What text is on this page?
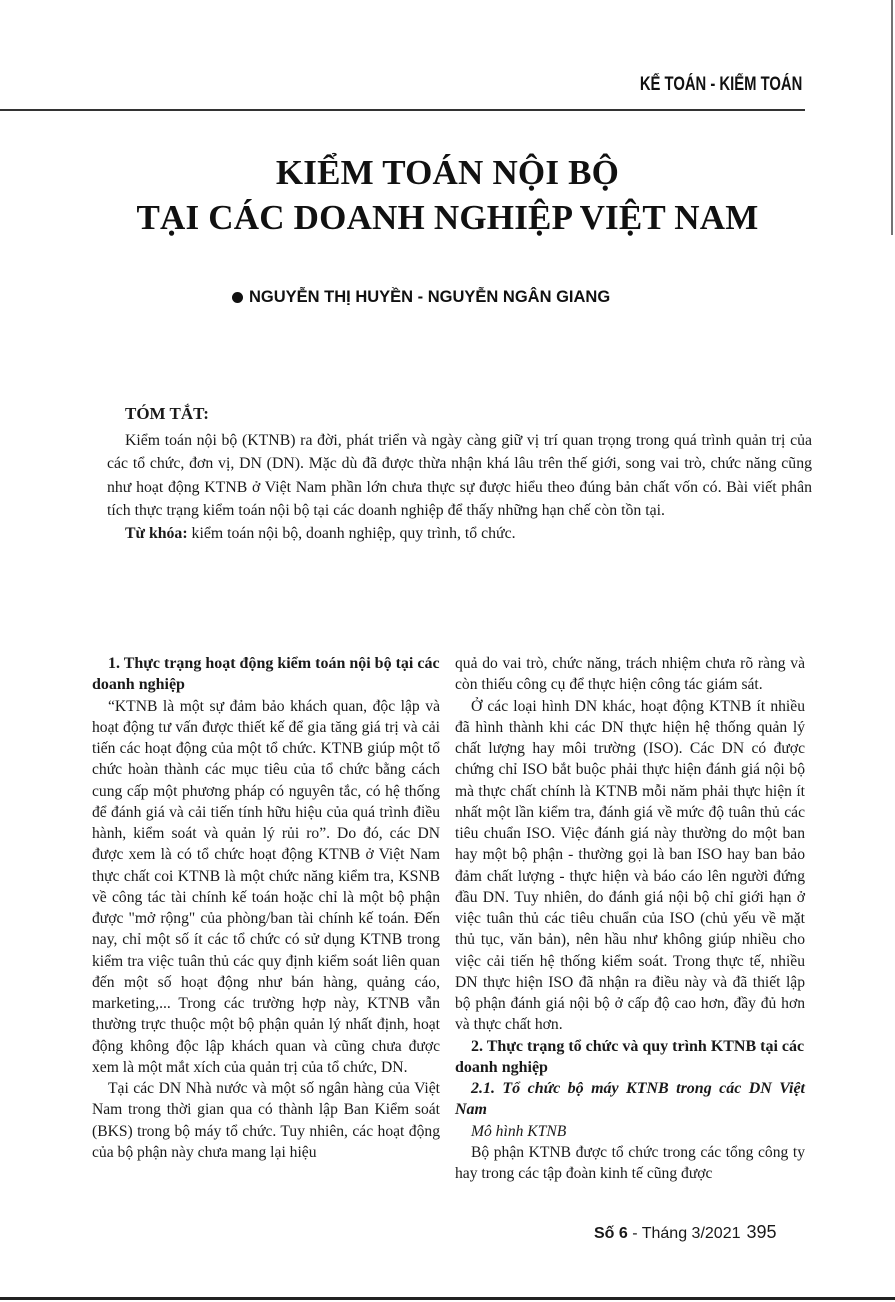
KẾ TOÁN - KIỂM TOÁN
KIỂM TOÁN NỘI BỘ
TẠI CÁC DOANH NGHIỆP VIỆT NAM
NGUYỄN THỊ HUYỀN - NGUYỄN NGÂN GIANG
TÓM TẮT:

Kiểm toán nội bộ (KTNB) ra đời, phát triển và ngày càng giữ vị trí quan trọng trong quá trình quản trị của các tổ chức, đơn vị, DN (DN). Mặc dù đã được thừa nhận khá lâu trên thế giới, song vai trò, chức năng cũng như hoạt động KTNB ở Việt Nam phần lớn chưa thực sự được hiểu theo đúng bản chất vốn có. Bài viết phân tích thực trạng kiểm toán nội bộ tại các doanh nghiệp để thấy những hạn chế còn tồn tại.

Từ khóa: kiểm toán nội bộ, doanh nghiệp, quy trình, tổ chức.

1. Thực trạng hoạt động kiểm toán nội bộ tại các doanh nghiệp

“KTNB là một sự đảm bảo khách quan, độc lập và hoạt động tư vấn được thiết kế để gia tăng giá trị và cải tiến các hoạt động của một tổ chức. KTNB giúp một tổ chức hoàn thành các mục tiêu của tổ chức bằng cách cung cấp một phương pháp có nguyên tắc, có hệ thống để đánh giá và cải tiến tính hữu hiệu của quá trình điều hành, kiểm soát và quản lý rủi ro”. Do đó, các DN được xem là có tổ chức hoạt động KTNB ở Việt Nam thực chất coi KTNB là một chức năng kiểm tra, KSNB về công tác tài chính kế toán hoặc chỉ là một bộ phận được "mở rộng" của phòng/ban tài chính kế toán. Đến nay, chỉ một số ít các tổ chức có sử dụng KTNB trong kiểm tra việc tuân thủ các quy định kiểm soát liên quan đến một số hoạt động như bán hàng, quảng cáo, marketing,... Trong các trường hợp này, KTNB vẫn thường trực thuộc một bộ phận quản lý nhất định, hoạt động không độc lập khách quan và cũng chưa được xem là một mắt xích của quản trị của tổ chức, DN.

Tại các DN Nhà nước và một số ngân hàng của Việt Nam trong thời gian qua có thành lập Ban Kiểm soát (BKS) trong bộ máy tổ chức. Tuy nhiên, các hoạt động của bộ phận này chưa mang lại hiệu

quả do vai trò, chức năng, trách nhiệm chưa rõ ràng và còn thiếu công cụ để thực hiện công tác giám sát.

Ở các loại hình DN khác, hoạt động KTNB ít nhiều đã hình thành khi các DN thực hiện hệ thống quản lý chất lượng hay môi trường (ISO). Các DN có được chứng chỉ ISO bắt buộc phải thực hiện đánh giá nội bộ mà thực chất chính là KTNB mỗi năm phải thực hiện ít nhất một lần kiểm tra, đánh giá về mức độ tuân thủ các tiêu chuẩn ISO. Việc đánh giá này thường do một ban hay một bộ phận - thường gọi là ban ISO hay ban bảo đảm chất lượng - thực hiện và báo cáo lên người đứng đầu DN. Tuy nhiên, do đánh giá nội bộ chỉ giới hạn ở việc tuân thủ các tiêu chuẩn của ISO (chủ yếu về mặt thủ tục, văn bản), nên hầu như không giúp nhiều cho việc cải tiến hệ thống kiểm soát. Trong thực tế, nhiều DN thực hiện ISO đã nhận ra điều này và đã thiết lập bộ phận đánh giá nội bộ ở cấp độ cao hơn, đầy đủ hơn và thực chất hơn.

2. Thực trạng tổ chức và quy trình KTNB tại các doanh nghiệp
2.1. Tổ chức bộ máy KTNB trong các DN Việt Nam
Mô hình KTNB

Bộ phận KTNB được tổ chức trong các tổng công ty hay trong các tập đoàn kinh tế cũng được

Số 6 - Tháng 3/2021 395
